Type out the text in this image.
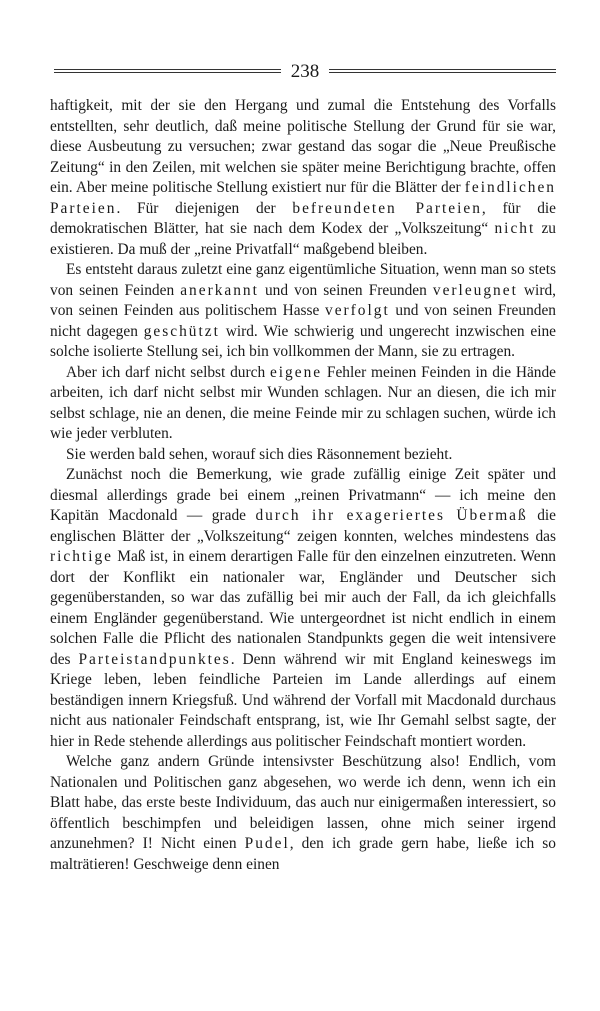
238

haftigkeit, mit der sie den Hergang und zumal die Entstehung des Vorfalls entstellten, sehr deutlich, daß meine politische Stellung der Grund für sie war, diese Ausbeutung zu versuchen; zwar gestand das sogar die „Neue Preußische Zeitung“ in den Zeilen, mit welchen sie später meine Berichtigung brachte, offen ein. Aber meine politische Stellung existiert nur für die Blätter der feindlichen Parteien. Für diejenigen der befreundeten Parteien, für die demokratischen Blätter, hat sie nach dem Kodex der „Volkszeitung“ nicht zu existieren. Da muß der „reine Privatfall“ maßgebend bleiben.

Es entsteht daraus zuletzt eine ganz eigentümliche Situation, wenn man so stets von seinen Feinden anerkannt und von seinen Freunden verleugnet wird, von seinen Feinden aus politischem Hasse verfolgt und von seinen Freunden nicht dagegen geschützt wird. Wie schwierig und ungerecht inzwischen eine solche isolierte Stellung sei, ich bin vollkommen der Mann, sie zu ertragen.

Aber ich darf nicht selbst durch eigene Fehler meinen Feinden in die Hände arbeiten, ich darf nicht selbst mir Wunden schlagen. Nur an diesen, die ich mir selbst schlage, nie an denen, die meine Feinde mir zu schlagen suchen, würde ich wie jeder verbluten.

Sie werden bald sehen, worauf sich dies Räsonnement bezieht.

Zunächst noch die Bemerkung, wie grade zufällig einige Zeit später und diesmal allerdings grade bei einem „reinen Privatmann“ — ich meine den Kapitän Macdonald — grade durch ihr exageriertes Übermaß die englischen Blätter der „Volkszeitung“ zeigen konnten, welches mindestens das richtige Maß ist, in einem derartigen Falle für den einzelnen einzutreten. Wenn dort der Konflikt ein nationaler war, Engländer und Deutscher sich gegenüberstanden, so war das zufällig bei mir auch der Fall, da ich gleichfalls einem Engländer gegenüberstand. Wie untergeordnet ist nicht endlich in einem solchen Falle die Pflicht des nationalen Standpunkts gegen die weit intensivere des Parteistandpunktes. Denn während wir mit England keineswegs im Kriege leben, leben feindliche Parteien im Lande allerdings auf einem beständigen innern Kriegsfuß. Und während der Vorfall mit Macdonald durchaus nicht aus nationaler Feindschaft entsprang, ist, wie Ihr Gemahl selbst sagte, der hier in Rede stehende allerdings aus politischer Feindschaft montiert worden.

Welche ganz andern Gründe intensivster Beschützung also! Endlich, vom Nationalen und Politischen ganz abgesehen, wo werde ich denn, wenn ich ein Blatt habe, das erste beste Individuum, das auch nur einigermaßen interessiert, so öffentlich beschimpfen und beleidigen lassen, ohne mich seiner irgend anzunehmen? I! Nicht einen Pudel, den ich grade gern habe, ließe ich so malträtieren! Geschweige denn einen
